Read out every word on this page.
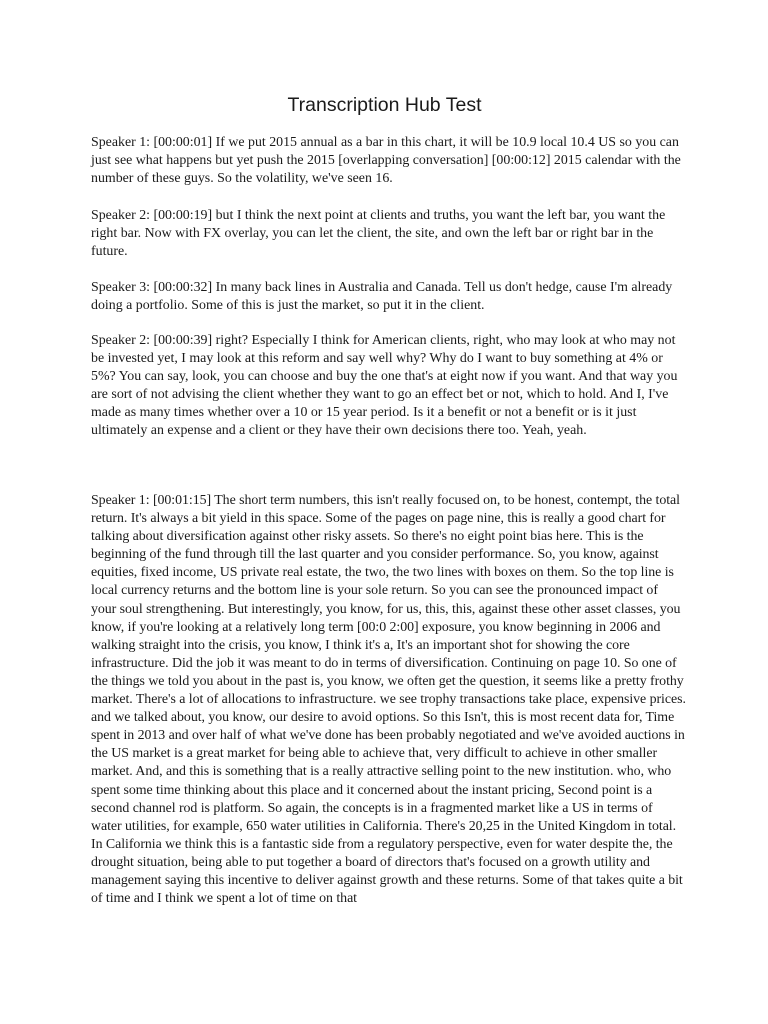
Transcription Hub Test

Speaker 1: [00:00:01] If we put 2015 annual as a bar in this chart, it will be 10.9 local 10.4 US so you can just see what happens but yet push the 2015 [overlapping conversation] [00:00:12] 2015 calendar with the number of these guys. So the volatility, we've seen 16.

Speaker 2: [00:00:19] but I think the next point at clients and truths, you want the left bar, you want the right bar. Now with FX overlay, you can let the client, the site, and own the left bar or right bar in the future.

Speaker 3: [00:00:32] In many back lines in Australia and Canada. Tell us don't hedge, cause I'm already doing a portfolio. Some of this is just the market, so put it in the client.

Speaker 2: [00:00:39] right? Especially I think for American clients, right, who may look at who may not be invested yet, I may look at this reform and say well why? Why do I want to buy something at 4% or 5%? You can say, look, you can choose and buy the one that's at eight now if you want. And that way you are sort of not advising the client whether they want to go an effect bet or not, which to hold. And I, I've made as many times whether over a 10 or 15 year period. Is it a benefit or not a benefit or is it just ultimately an expense and a client or they have their own decisions there too. Yeah, yeah.

Speaker 1: [00:01:15] The short term numbers, this isn't really focused on, to be honest, contempt, the total return. It's always a bit yield in this space. Some of the pages on page nine, this is really a good chart for talking about diversification against other risky assets. So there's no eight point bias here. This is the beginning of the fund through till the last quarter and you consider performance. So, you know, against equities, fixed income, US private real estate, the two, the two lines with boxes on them. So the top line is local currency returns and the bottom line is your sole return. So you can see the pronounced impact of your soul strengthening. But interestingly, you know, for us, this, this, against these other asset classes, you know, if you're looking at a relatively long term [00:0 2:00] exposure, you know beginning in 2006 and walking straight into the crisis, you know, I think it's a, It's an important shot for showing the core infrastructure. Did the job it was meant to do in terms of diversification. Continuing on page 10. So one of the things we told you about in the past is, you know, we often get the question, it seems like a pretty frothy market. There's a lot of allocations to infrastructure. we see trophy transactions take place, expensive prices. and we talked about, you know, our desire to avoid options. So this Isn't, this is most recent data for, Time spent in 2013 and over half of what we've done has been probably negotiated and we've avoided auctions in the US market is a great market for being able to achieve that, very difficult to achieve in other smaller market. And, and this is something that is a really attractive selling point to the new institution. who, who spent some time thinking about this place and it concerned about the instant pricing, Second point is a second channel rod is platform. So again, the concepts is in a fragmented market like a US in terms of water utilities, for example, 650 water utilities in California. There's 20,25 in the United Kingdom in total. In California we think this is a fantastic side from a regulatory perspective, even for water despite the, the drought situation, being able to put together a board of directors that's focused on a growth utility and management saying this incentive to deliver against growth and these returns. Some of that takes quite a bit of time and I think we spent a lot of time on that
